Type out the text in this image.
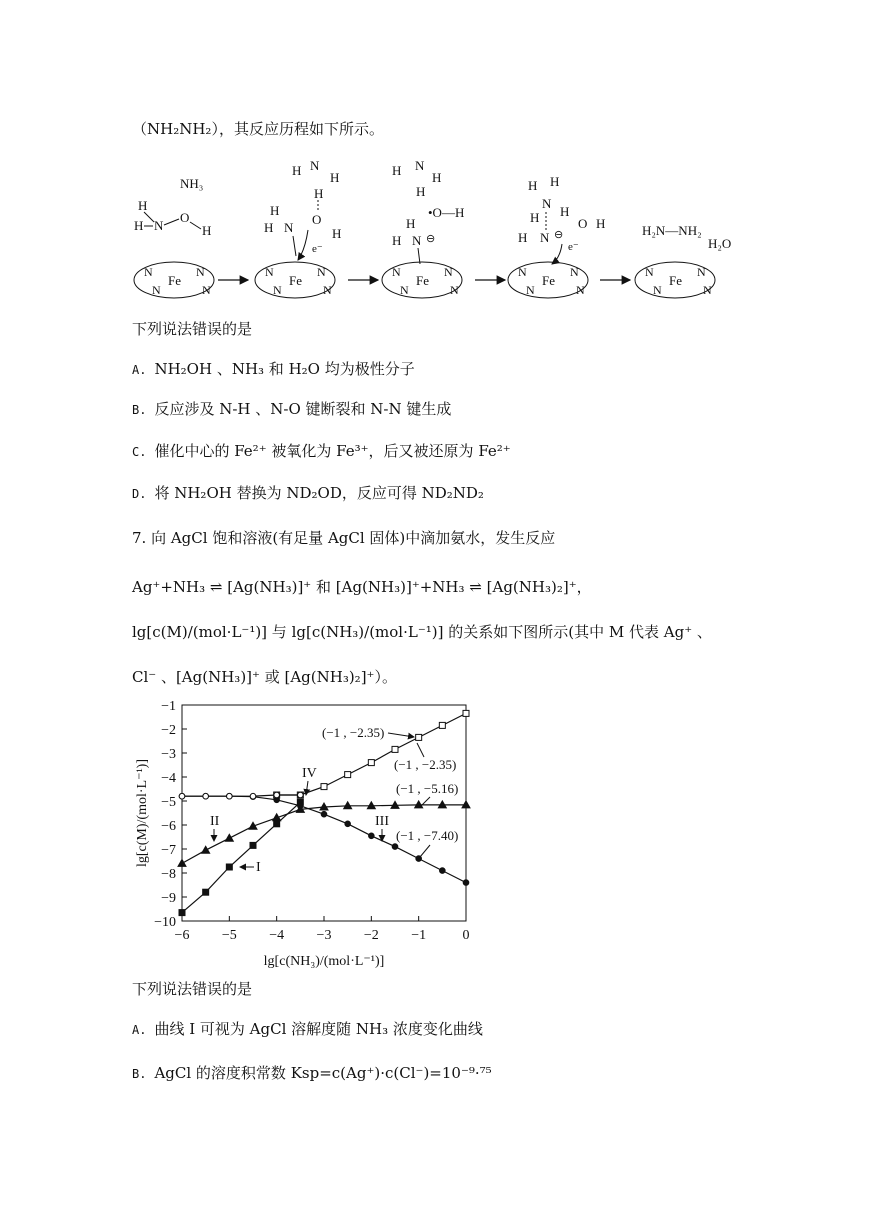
（NH₂NH₂），其反应历程如下所示。
Fe
N
N
N
N
Fe
N
N
N
N
Fe
N
N
N
N
Fe
N
N
N
N
Fe
N
N
N
N
NH₃
H
H N
O
H
H N
H
H
H
H N
O
H
e⁻
H N
H
H
•O—H
H
H N ⊖
H H
N
H
O H
H
H N ⊖
e⁻
H₂N—NH₂
H₂O
下列说法错误的是
A. NH₂OH 、NH₃ 和 H₂O 均为极性分子
B. 反应涉及 N-H 、N-O 键断裂和 N-N 键生成
C. 催化中心的 Fe²⁺ 被氧化为 Fe³⁺，后又被还原为 Fe²⁺
D. 将 NH₂OH 替换为 ND₂OD，反应可得 ND₂ND₂
7. 向 AgCl 饱和溶液(有足量 AgCl 固体)中滴加氨水，发生反应
Ag⁺+NH₃ ⇌ [Ag(NH₃)]⁺ 和 [Ag(NH₃)]⁺+NH₃ ⇌ [Ag(NH₃)₂]⁺，
lg[c(M)/(mol·L⁻¹)] 与 lg[c(NH₃)/(mol·L⁻¹)] 的关系如下图所示(其中 M 代表 Ag⁺ 、
Cl⁻ 、[Ag(NH₃)]⁺ 或 [Ag(NH₃)₂]⁺）。
−6 −5 −4 −3 −2 −1	0
−10
−9
−8
−7
−6
−5
−4
−3
−2
−1
lg[c(NH₃)/(mol·L⁻¹)]
lg[c(M)/(mol·L⁻¹)]
(−1 , −2.35)
(−1 , −2.35)
(−1 , −5.16)
(−1 , −7.40)
IV
II	III
I
下列说法错误的是
A. 曲线 I 可视为 AgCl 溶解度随 NH₃ 浓度变化曲线
B. AgCl 的溶度积常数 Ksp=c(Ag⁺)·c(Cl⁻)=10⁻⁹·⁷⁵
